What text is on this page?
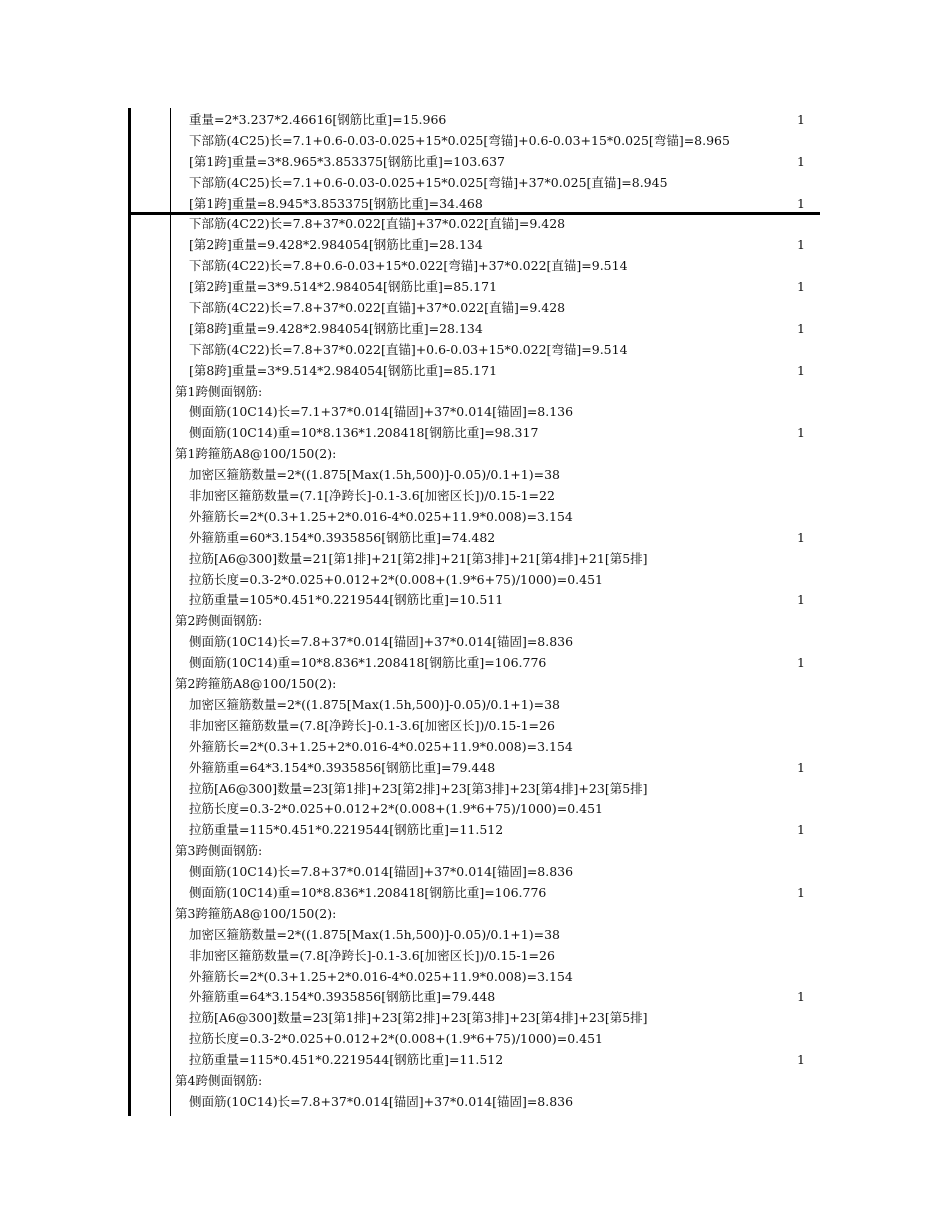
重量=2*3.237*2.46616[钢筋比重]=15.966	1
下部筋(4C25)长=7.1+0.6-0.03-0.025+15*0.025[弯锚]+0.6-0.03+15*0.025[弯锚]=8.965
[第1跨]重量=3*8.965*3.853375[钢筋比重]=103.637	1
下部筋(4C25)长=7.1+0.6-0.03-0.025+15*0.025[弯锚]+37*0.025[直锚]=8.945
[第1跨]重量=8.945*3.853375[钢筋比重]=34.468	1
下部筋(4C22)长=7.8+37*0.022[直锚]+37*0.022[直锚]=9.428
[第2跨]重量=9.428*2.984054[钢筋比重]=28.134	1
下部筋(4C22)长=7.8+0.6-0.03+15*0.022[弯锚]+37*0.022[直锚]=9.514
[第2跨]重量=3*9.514*2.984054[钢筋比重]=85.171	1
下部筋(4C22)长=7.8+37*0.022[直锚]+37*0.022[直锚]=9.428
[第8跨]重量=9.428*2.984054[钢筋比重]=28.134	1
下部筋(4C22)长=7.8+37*0.022[直锚]+0.6-0.03+15*0.022[弯锚]=9.514
[第8跨]重量=3*9.514*2.984054[钢筋比重]=85.171	1
第1跨侧面钢筋:
侧面筋(10C14)长=7.1+37*0.014[锚固]+37*0.014[锚固]=8.136
侧面筋(10C14)重=10*8.136*1.208418[钢筋比重]=98.317	1
第1跨箍筋A8@100/150(2):
加密区箍筋数量=2*((1.875[Max(1.5h,500)]-0.05)/0.1+1)=38
非加密区箍筋数量=(7.1[净跨长]-0.1-3.6[加密区长])/0.15-1=22
外箍筋长=2*(0.3+1.25+2*0.016-4*0.025+11.9*0.008)=3.154
外箍筋重=60*3.154*0.3935856[钢筋比重]=74.482	1
拉筋[A6@300]数量=21[第1排]+21[第2排]+21[第3排]+21[第4排]+21[第5排]
拉筋长度=0.3-2*0.025+0.012+2*(0.008+(1.9*6+75)/1000)=0.451
拉筋重量=105*0.451*0.2219544[钢筋比重]=10.511	1
第2跨侧面钢筋:
侧面筋(10C14)长=7.8+37*0.014[锚固]+37*0.014[锚固]=8.836
侧面筋(10C14)重=10*8.836*1.208418[钢筋比重]=106.776	1
第2跨箍筋A8@100/150(2):
加密区箍筋数量=2*((1.875[Max(1.5h,500)]-0.05)/0.1+1)=38
非加密区箍筋数量=(7.8[净跨长]-0.1-3.6[加密区长])/0.15-1=26
外箍筋长=2*(0.3+1.25+2*0.016-4*0.025+11.9*0.008)=3.154
外箍筋重=64*3.154*0.3935856[钢筋比重]=79.448	1
拉筋[A6@300]数量=23[第1排]+23[第2排]+23[第3排]+23[第4排]+23[第5排]
拉筋长度=0.3-2*0.025+0.012+2*(0.008+(1.9*6+75)/1000)=0.451
拉筋重量=115*0.451*0.2219544[钢筋比重]=11.512	1
第3跨侧面钢筋:
侧面筋(10C14)长=7.8+37*0.014[锚固]+37*0.014[锚固]=8.836
侧面筋(10C14)重=10*8.836*1.208418[钢筋比重]=106.776	1
第3跨箍筋A8@100/150(2):
加密区箍筋数量=2*((1.875[Max(1.5h,500)]-0.05)/0.1+1)=38
非加密区箍筋数量=(7.8[净跨长]-0.1-3.6[加密区长])/0.15-1=26
外箍筋长=2*(0.3+1.25+2*0.016-4*0.025+11.9*0.008)=3.154
外箍筋重=64*3.154*0.3935856[钢筋比重]=79.448	1
拉筋[A6@300]数量=23[第1排]+23[第2排]+23[第3排]+23[第4排]+23[第5排]
拉筋长度=0.3-2*0.025+0.012+2*(0.008+(1.9*6+75)/1000)=0.451
拉筋重量=115*0.451*0.2219544[钢筋比重]=11.512	1
第4跨侧面钢筋:
侧面筋(10C14)长=7.8+37*0.014[锚固]+37*0.014[锚固]=8.836
